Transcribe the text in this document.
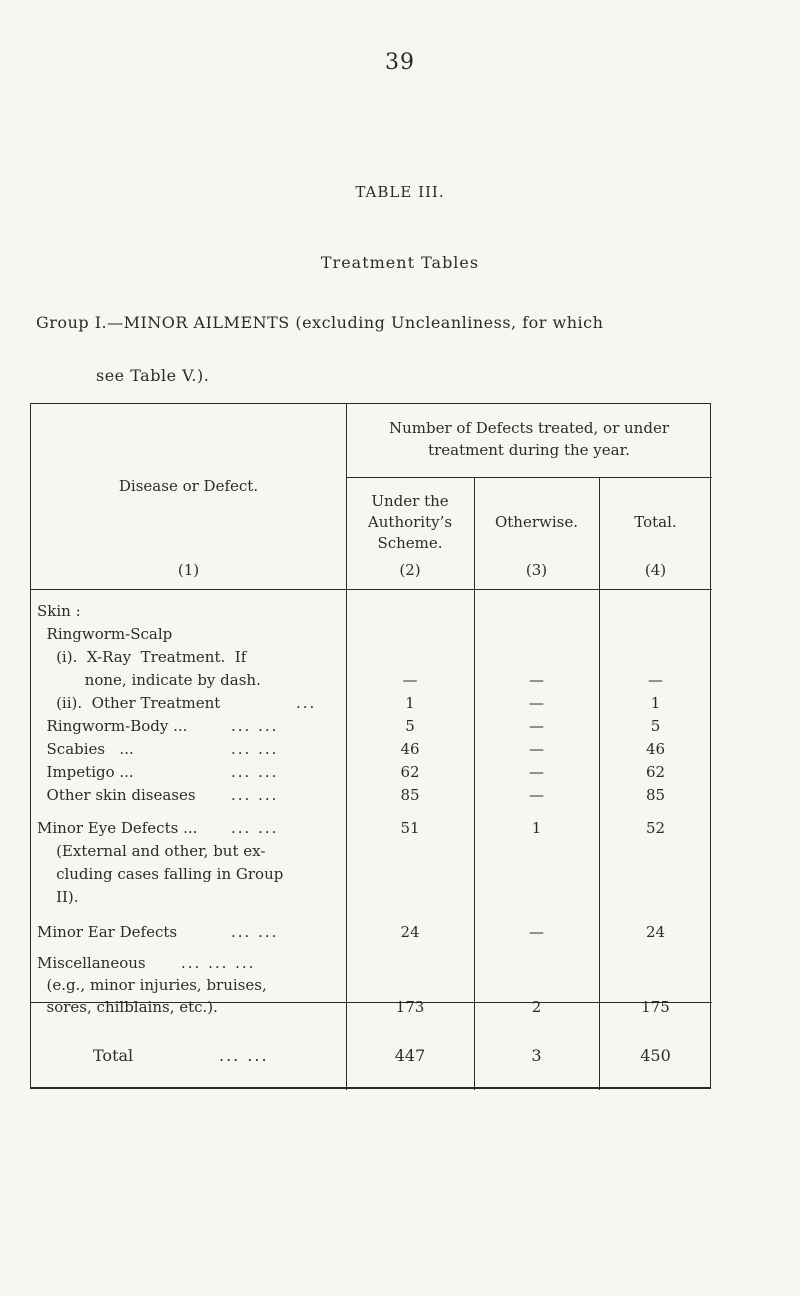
39
TABLE III.
Treatment Tables
Group I.—MINOR AILMENTS (excluding Uncleanliness, for which
see Table V.).
Disease or Defect.
(1)
Number of Defects treated, or under
treatment during the year.
Under the
Authority’s
Scheme.
(2)
Otherwise.
(3)
Total.
(4)
Skin :
Ringworm-Scalp
(i).  X-Ray  Treatment.  If
none, indicate by dash.	—	—	—
(ii).  Other Treatment	...	1	—	1
Ringworm-Body ...	... ...	5	—	5
Scabies   ...	... ...	46	—	46
Impetigo ...	... ...	62	—	62
Other skin diseases ... ...	85	—	85
Minor Eye Defects ... ... ...	51	1	52
(External and other, but ex-
cluding cases falling in Group
II).
Minor Ear Defects	... ...	24	—	24
Miscellaneous ... ... ...
(e.g., minor injuries, bruises,
sores, chilblains, etc.).	173	2	175
Total	... ...	447	3	450
